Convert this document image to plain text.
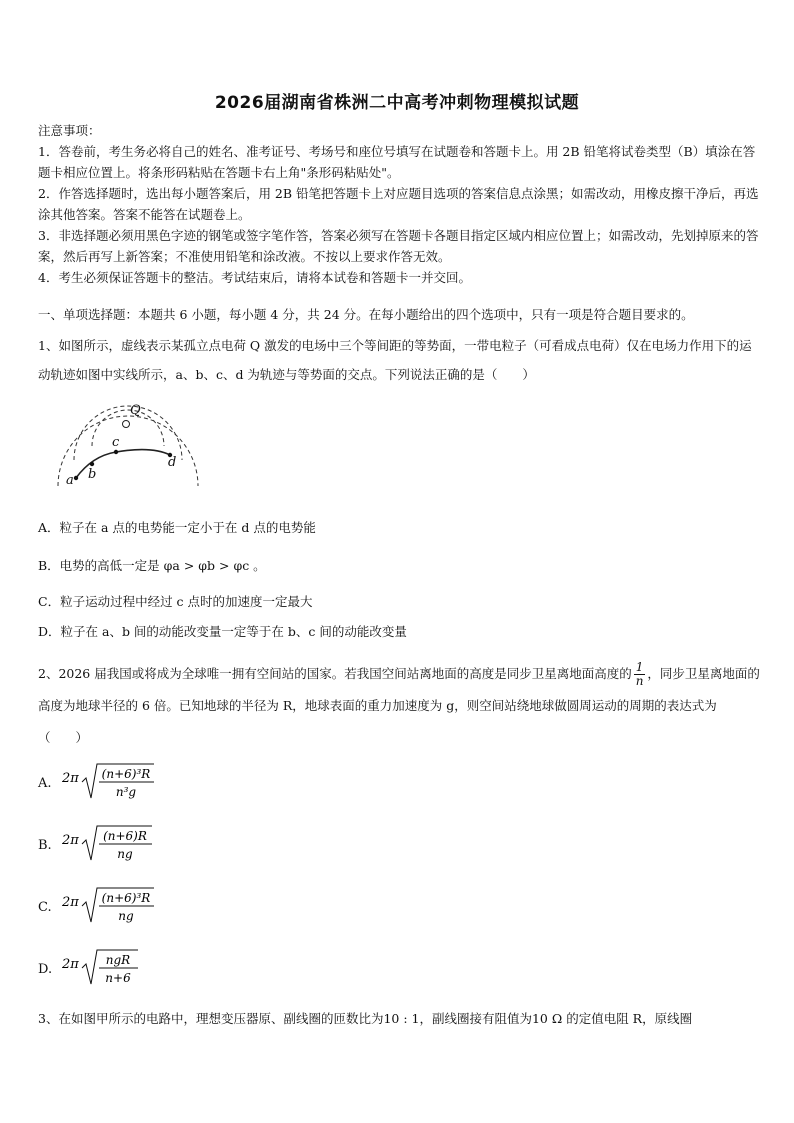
2026届湖南省株洲二中高考冲刺物理模拟试题

注意事项：

1．答卷前，考生务必将自己的姓名、准考证号、考场号和座位号填写在试题卷和答题卡上。用 2B 铅笔将试卷类型（B）填涂在答题卡相应位置上。将条形码粘贴在答题卡右上角"条形码粘贴处"。

2．作答选择题时，选出每小题答案后，用 2B 铅笔把答题卡上对应题目选项的答案信息点涂黑；如需改动，用橡皮擦干净后，再选涂其他答案。答案不能答在试题卷上。

3．非选择题必须用黑色字迹的钢笔或签字笔作答，答案必须写在答题卡各题目指定区域内相应位置上；如需改动，先划掉原来的答案，然后再写上新答案；不准使用铅笔和涂改液。不按以上要求作答无效。

4．考生必须保证答题卡的整洁。考试结束后，请将本试卷和答题卡一并交回。

一、单项选择题：本题共 6 小题，每小题 4 分，共 24 分。在每小题给出的四个选项中，只有一项是符合题目要求的。
1、如图所示，虚线表示某孤立点电荷 Q 激发的电场中三个等间距的等势面，一带电粒子（可看成点电荷）仅在电场力作用下的运动轨迹如图中实线所示，a、b、c、d 为轨迹与等势面的交点。下列说法正确的是（　　）
Q
c
d
b
a
A．粒子在 a 点的电势能一定小于在 d 点的电势能
B．电势的高低一定是 φa > φb > φc 。
C．粒子运动过程中经过 c 点时的加速度一定最大
D．粒子在 a、b 间的动能改变量一定等于在 b、c 间的动能改变量
2、2026 届我国或将成为全球唯一拥有空间站的国家。若我国空间站离地面的高度是同步卫星离地面高度的 $\frac{1}{n}$ ，同步卫星离地面的高度为地球半径的 6 倍。已知地球的半径为 R，地球表面的重力加速度为 g，则空间站绕地球做圆周运动的周期的表达式为（　　）
A. 2π (n+6)³R
n³g
B. 2π (n+6)R
ng
C. 2π (n+6)³R
ng
D. 2π ngR
n+6
3、在如图甲所示的电路中，理想变压器原、副线圈的匝数比为10 : 1，副线圈接有阻值为10 Ω 的定值电阻 R，原线圈
